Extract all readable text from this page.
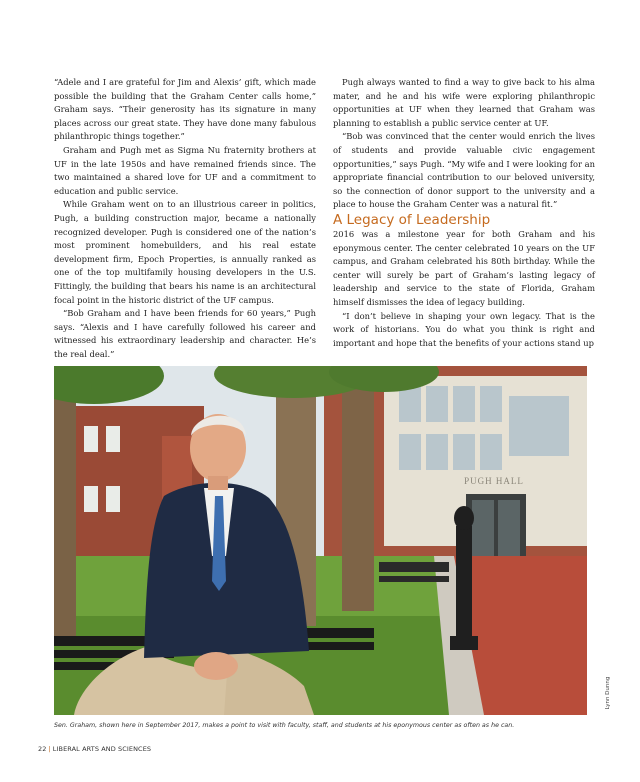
“Adele and I are grateful for Jim and Alexis’ gift, which made possible the building that the Graham Center calls home,” Graham says. “Their generosity has its signature in many places across our great state. They have done many fabulous philanthropic things together.”

Graham and Pugh met as Sigma Nu fraternity brothers at UF in the late 1950s and have remained friends since. The two maintained a shared love for UF and a commitment to education and public service.

While Graham went on to an illustrious career in politics, Pugh, a building construction major, became a nationally recognized developer. Pugh is considered one of the nation’s most prominent homebuilders, and his real estate development firm, Epoch Properties, is annually ranked as one of the top multifamily housing developers in the U.S. Fittingly, the building that bears his name is an architectural focal point in the historic district of the UF campus.

“Bob Graham and I have been friends for 60 years,” Pugh says. “Alexis and I have carefully followed his career and witnessed his extraordinary leadership and character. He’s the real deal.”

Pugh always wanted to find a way to give back to his alma mater, and he and his wife were exploring philanthropic opportunities at UF when they learned that Graham was planning to establish a public service center at UF.

“Bob was convinced that the center would enrich the lives of students and provide valuable civic engagement opportunities,” says Pugh. “My wife and I were looking for an appropriate financial contribution to our beloved university, so the connection of donor support to the university and a place to house the Graham Center was a natural fit.”

A Legacy of Leadership

2016 was a milestone year for both Graham and his eponymous center. The center celebrated 10 years on the UF campus, and Graham celebrated his 80th birthday. While the center will surely be part of Graham’s lasting legacy of leadership and service to the state of Florida, Graham himself dismisses the idea of legacy building.

“I don’t believe in shaping your own legacy. That is the work of historians. You do what you think is right and important and hope that the benefits of your actions stand up

PUGH HALL
Lynn Dunng
Sen. Graham, shown here in September 2017, makes a point to visit with faculty, staff, and students at his eponymous center as often as he can.
22 | LIBERAL ARTS AND SCIENCES
